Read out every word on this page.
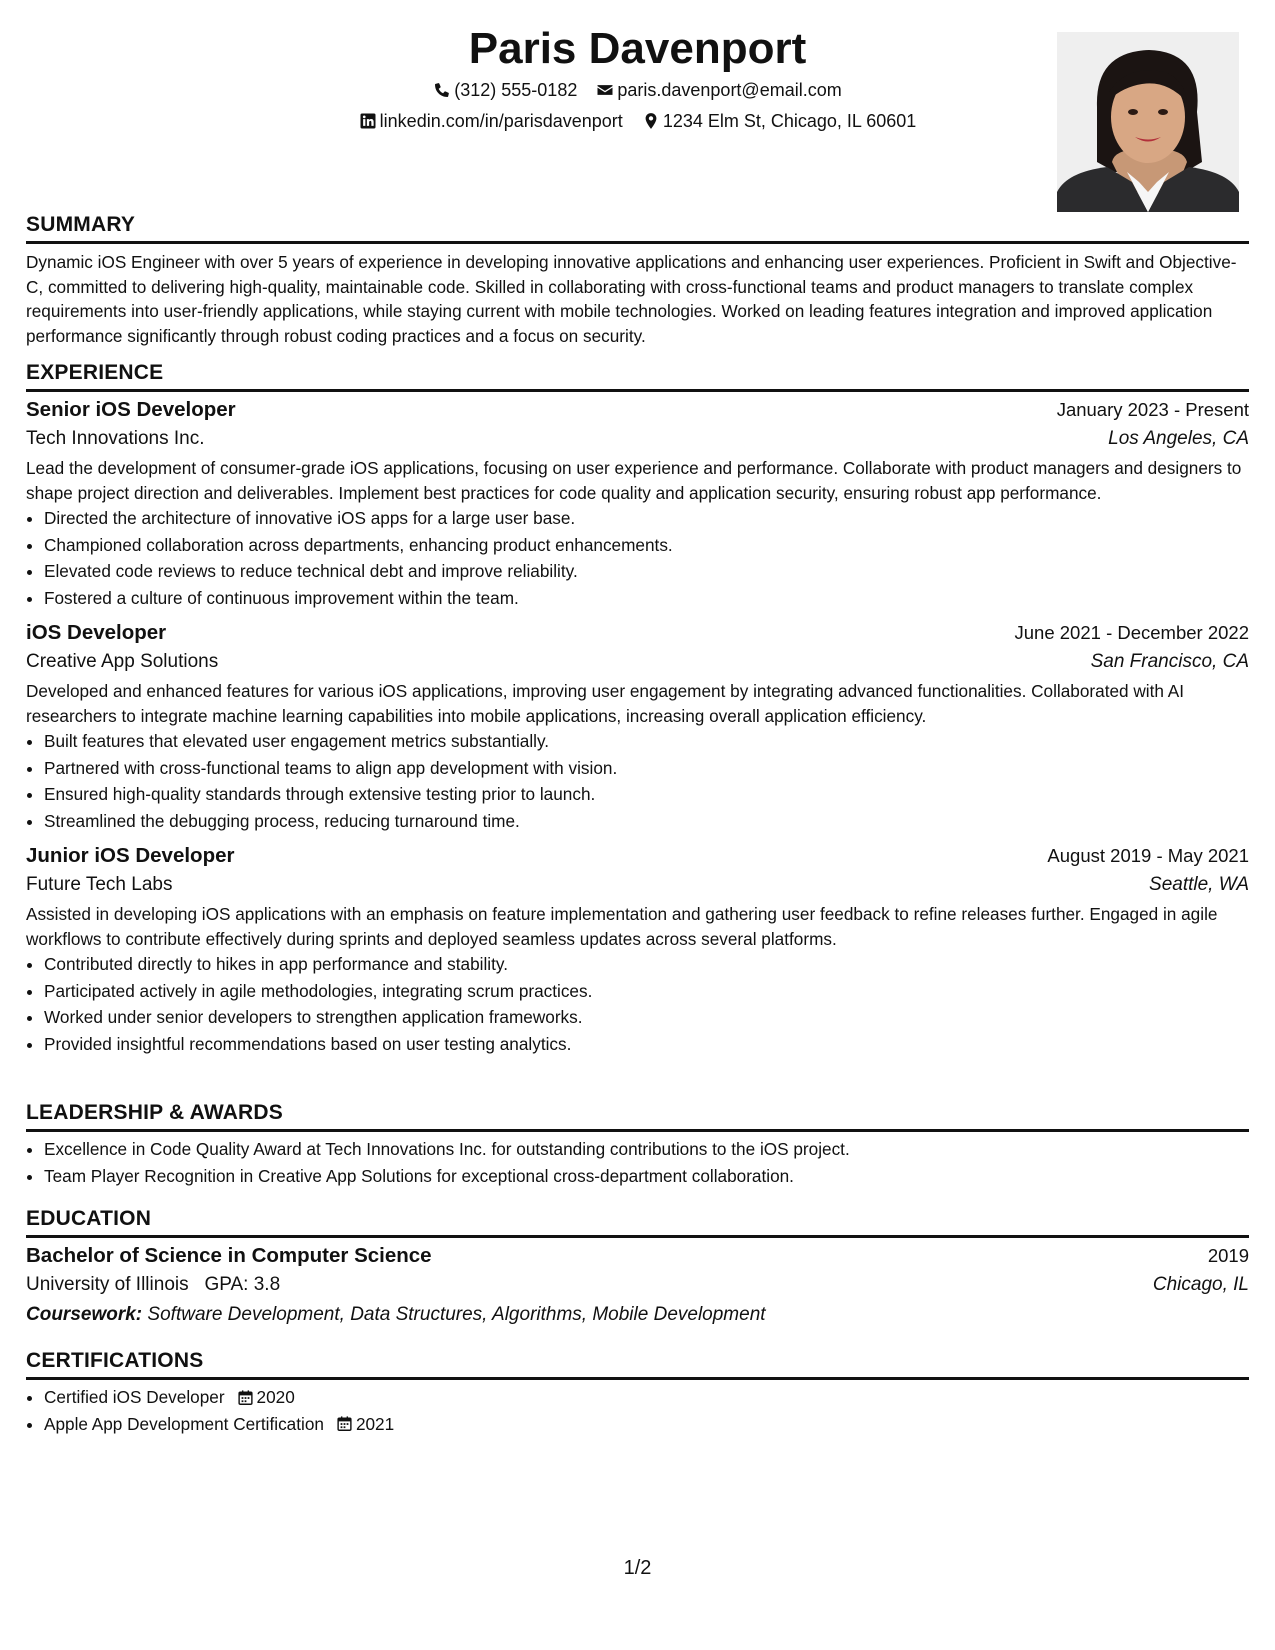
Paris Davenport
(312) 555-0182
paris.davenport@email.com
linkedin.com/in/parisdavenport
1234 Elm St, Chicago, IL 60601
SUMMARY

Dynamic iOS Engineer with over 5 years of experience in developing innovative applications and enhancing user experiences. Proficient in Swift and Objective-C, committed to delivering high-quality, maintainable code. Skilled in collaborating with cross-functional teams and product managers to translate complex requirements into user-friendly applications, while staying current with mobile technologies. Worked on leading features integration and improved application performance significantly through robust coding practices and a focus on security.

EXPERIENCE
Senior iOS Developer	January 2023 - Present
Tech Innovations Inc.	Los Angeles, CA

Lead the development of consumer-grade iOS applications, focusing on user experience and performance. Collaborate with product managers and designers to shape project direction and deliverables. Implement best practices for code quality and application security, ensuring robust app performance.

• Directed the architecture of innovative iOS apps for a large user base.
• Championed collaboration across departments, enhancing product enhancements.
• Elevated code reviews to reduce technical debt and improve reliability.
• Fostered a culture of continuous improvement within the team.
iOS Developer	June 2021 - December 2022
Creative App Solutions	San Francisco, CA

Developed and enhanced features for various iOS applications, improving user engagement by integrating advanced functionalities. Collaborated with AI researchers to integrate machine learning capabilities into mobile applications, increasing overall application efficiency.

• Built features that elevated user engagement metrics substantially.
• Partnered with cross-functional teams to align app development with vision.
• Ensured high-quality standards through extensive testing prior to launch.
• Streamlined the debugging process, reducing turnaround time.
Junior iOS Developer	August 2019 - May 2021
Future Tech Labs	Seattle, WA

Assisted in developing iOS applications with an emphasis on feature implementation and gathering user feedback to refine releases further. Engaged in agile workflows to contribute effectively during sprints and deployed seamless updates across several platforms.

• Contributed directly to hikes in app performance and stability.
• Participated actively in agile methodologies, integrating scrum practices.
• Worked under senior developers to strengthen application frameworks.
• Provided insightful recommendations based on user testing analytics.
LEADERSHIP & AWARDS
• Excellence in Code Quality Award at Tech Innovations Inc. for outstanding contributions to the iOS project.
• Team Player Recognition in Creative App Solutions for exceptional cross-department collaboration.
EDUCATION
Bachelor of Science in Computer Science	2019
University of Illinois GPA: 3.8	Chicago, IL
Coursework: Software Development, Data Structures, Algorithms, Mobile Development
CERTIFICATIONS
• Certified iOS Developer 2020
• Apple App Development Certification 2021
1/2
